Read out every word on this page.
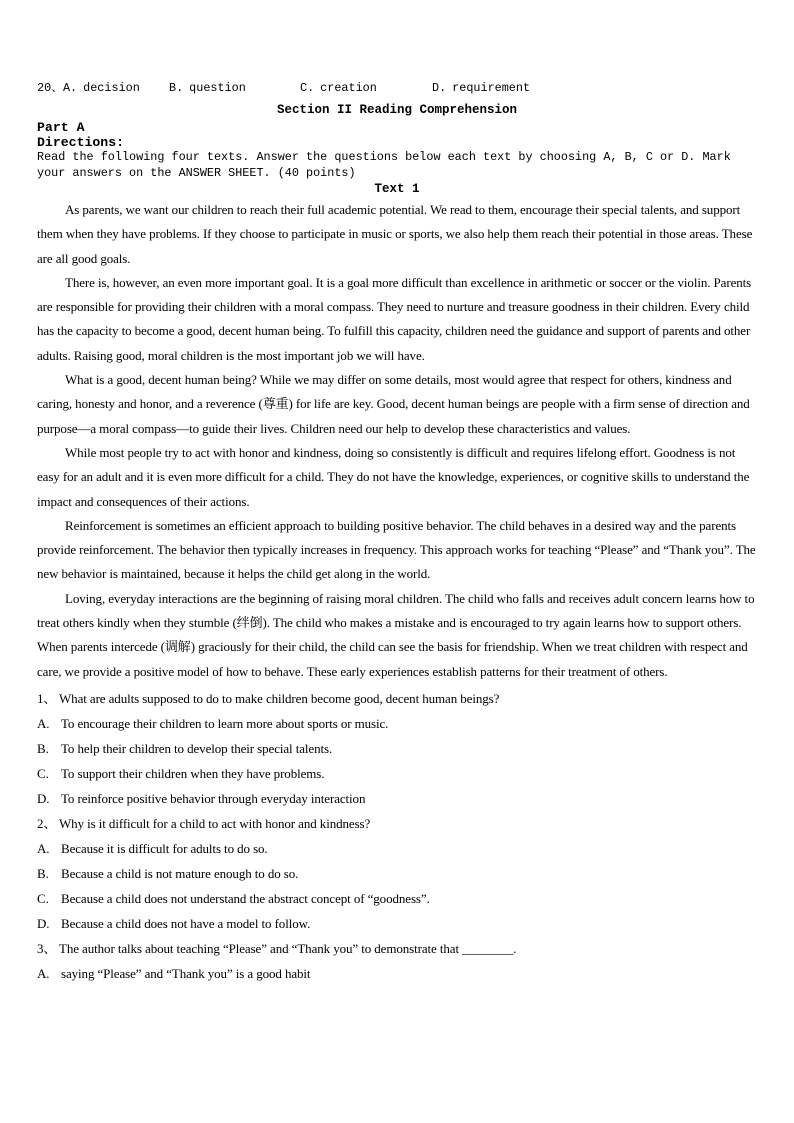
20、A. decision	B. question	C. creation	D. requirement
Section II Reading Comprehension
Part A
Directions:
Read the following four texts. Answer the questions below each text by choosing A, B, C or D. Mark your answers on the ANSWER SHEET. (40 points)
Text 1

As parents, we want our children to reach their full academic potential. We read to them, encourage their special talents, and support them when they have problems. If they choose to participate in music or sports, we also help them reach their potential in those areas. These are all good goals.

There is, however, an even more important goal. It is a goal more difficult than excellence in arithmetic or soccer or the violin. Parents are responsible for providing their children with a moral compass. They need to nurture and treasure goodness in their children. Every child has the capacity to become a good, decent human being. To fulfill this capacity, children need the guidance and support of parents and other adults. Raising good, moral children is the most important job we will have.

What is a good, decent human being? While we may differ on some details, most would agree that respect for others, kindness and caring, honesty and honor, and a reverence (尊重) for life are key. Good, decent human beings are people with a firm sense of direction and purpose—a moral compass—to guide their lives. Children need our help to develop these characteristics and values.

While most people try to act with honor and kindness, doing so consistently is difficult and requires lifelong effort. Goodness is not easy for an adult and it is even more difficult for a child. They do not have the knowledge, experiences, or cognitive skills to understand the impact and consequences of their actions.

Reinforcement is sometimes an efficient approach to building positive behavior. The child behaves in a desired way and the parents provide reinforcement. The behavior then typically increases in frequency. This approach works for teaching “Please” and “Thank you”. The new behavior is maintained, because it helps the child get along in the world.

Loving, everyday interactions are the beginning of raising moral children. The child who falls and receives adult concern learns how to treat others kindly when they stumble (绊倒). The child who makes a mistake and is encouraged to try again learns how to support others. When parents intercede (调解) graciously for their child, the child can see the basis for friendship. When we treat children with respect and care, we provide a positive model of how to behave. These early experiences establish patterns for their treatment of others.

1、 What are adults supposed to do to make children become good, decent human beings?
A. To encourage their children to learn more about sports or music.
B. To help their children to develop their special talents.
C. To support their children when they have problems.
D. To reinforce positive behavior through everyday interaction
2、 Why is it difficult for a child to act with honor and kindness?
A. Because it is difficult for adults to do so.
B. Because a child is not mature enough to do so.
C. Because a child does not understand the abstract concept of “goodness”.
D. Because a child does not have a model to follow.
3、 The author talks about teaching “Please” and “Thank you” to demonstrate that ________.
A. saying “Please” and “Thank you” is a good habit
